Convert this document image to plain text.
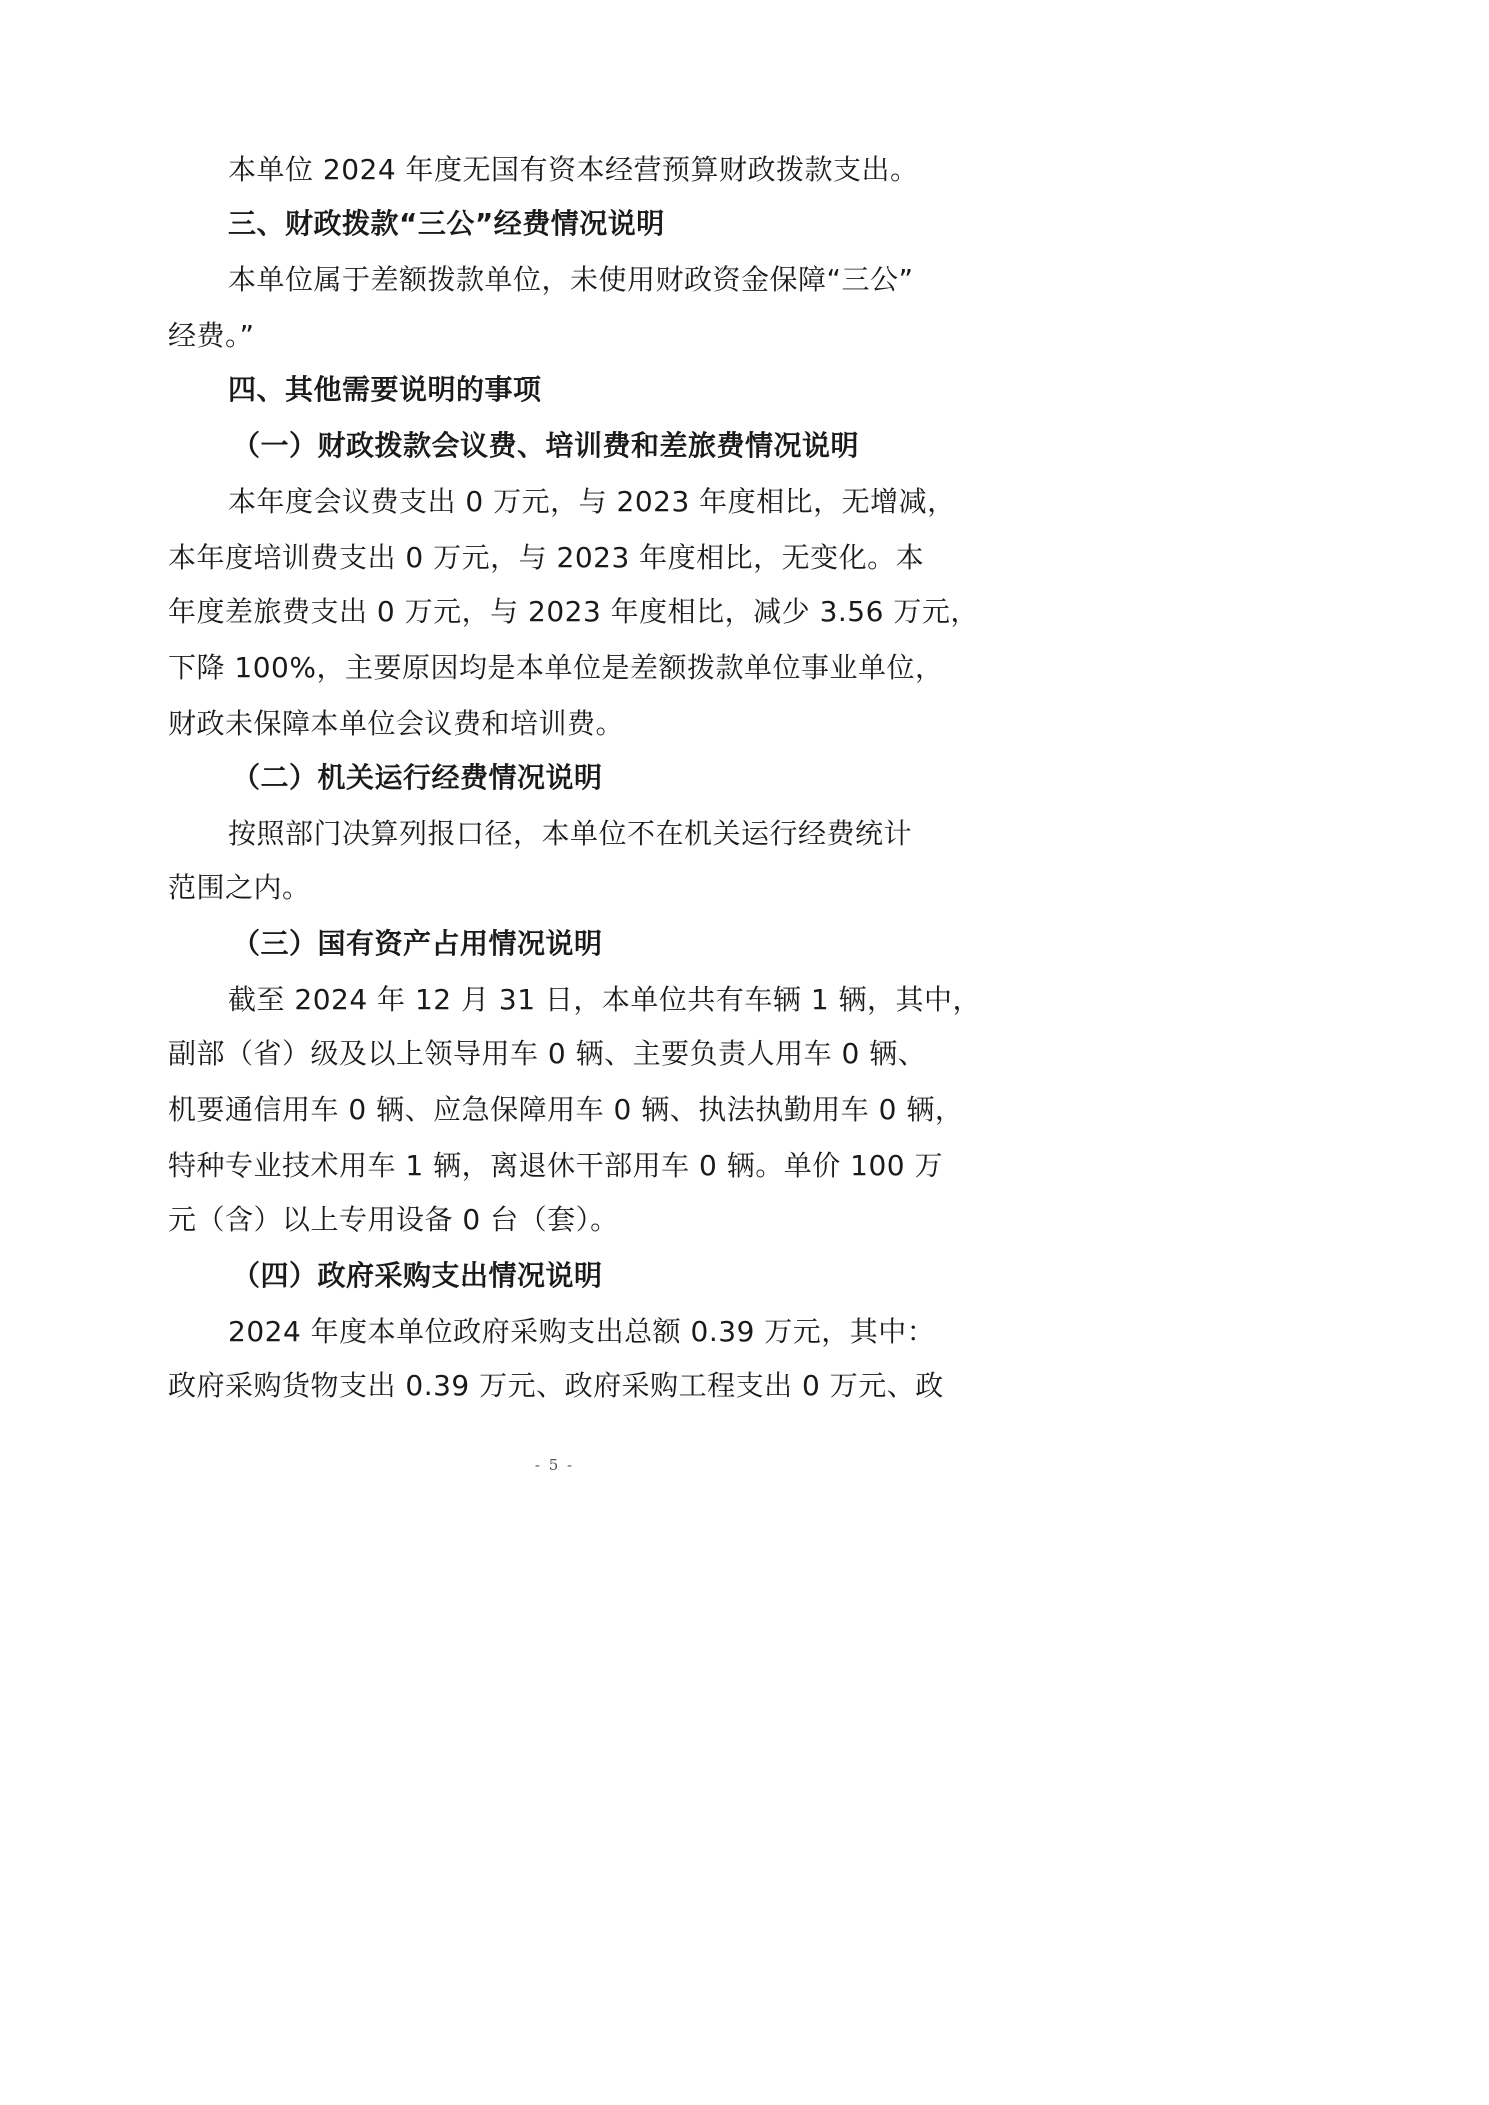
本单位 2024 年度无国有资本经营预算财政拨款支出。
三、财政拨款“三公”经费情况说明
本单位属于差额拨款单位，未使用财政资金保障“三公”
经费。”
四、其他需要说明的事项
（一）财政拨款会议费、培训费和差旅费情况说明
本年度会议费支出 0 万元，与 2023 年度相比，无增减，
本年度培训费支出 0 万元，与 2023 年度相比，无变化。本
年度差旅费支出 0 万元，与 2023 年度相比，减少 3.56 万元，
下降 100%，主要原因均是本单位是差额拨款单位事业单位，
财政未保障本单位会议费和培训费。
（二）机关运行经费情况说明
按照部门决算列报口径，本单位不在机关运行经费统计
范围之内。
（三）国有资产占用情况说明
截至 2024 年 12 月 31 日，本单位共有车辆 1 辆，其中，
副部（省）级及以上领导用车 0 辆、主要负责人用车 0 辆、
机要通信用车 0 辆、应急保障用车 0 辆、执法执勤用车 0 辆，
特种专业技术用车 1 辆，离退休干部用车 0 辆。单价 100 万
元（含）以上专用设备 0 台（套）。
（四）政府采购支出情况说明
2024 年度本单位政府采购支出总额 0.39 万元，其中：
政府采购货物支出 0.39 万元、政府采购工程支出 0 万元、政
- 5 -
